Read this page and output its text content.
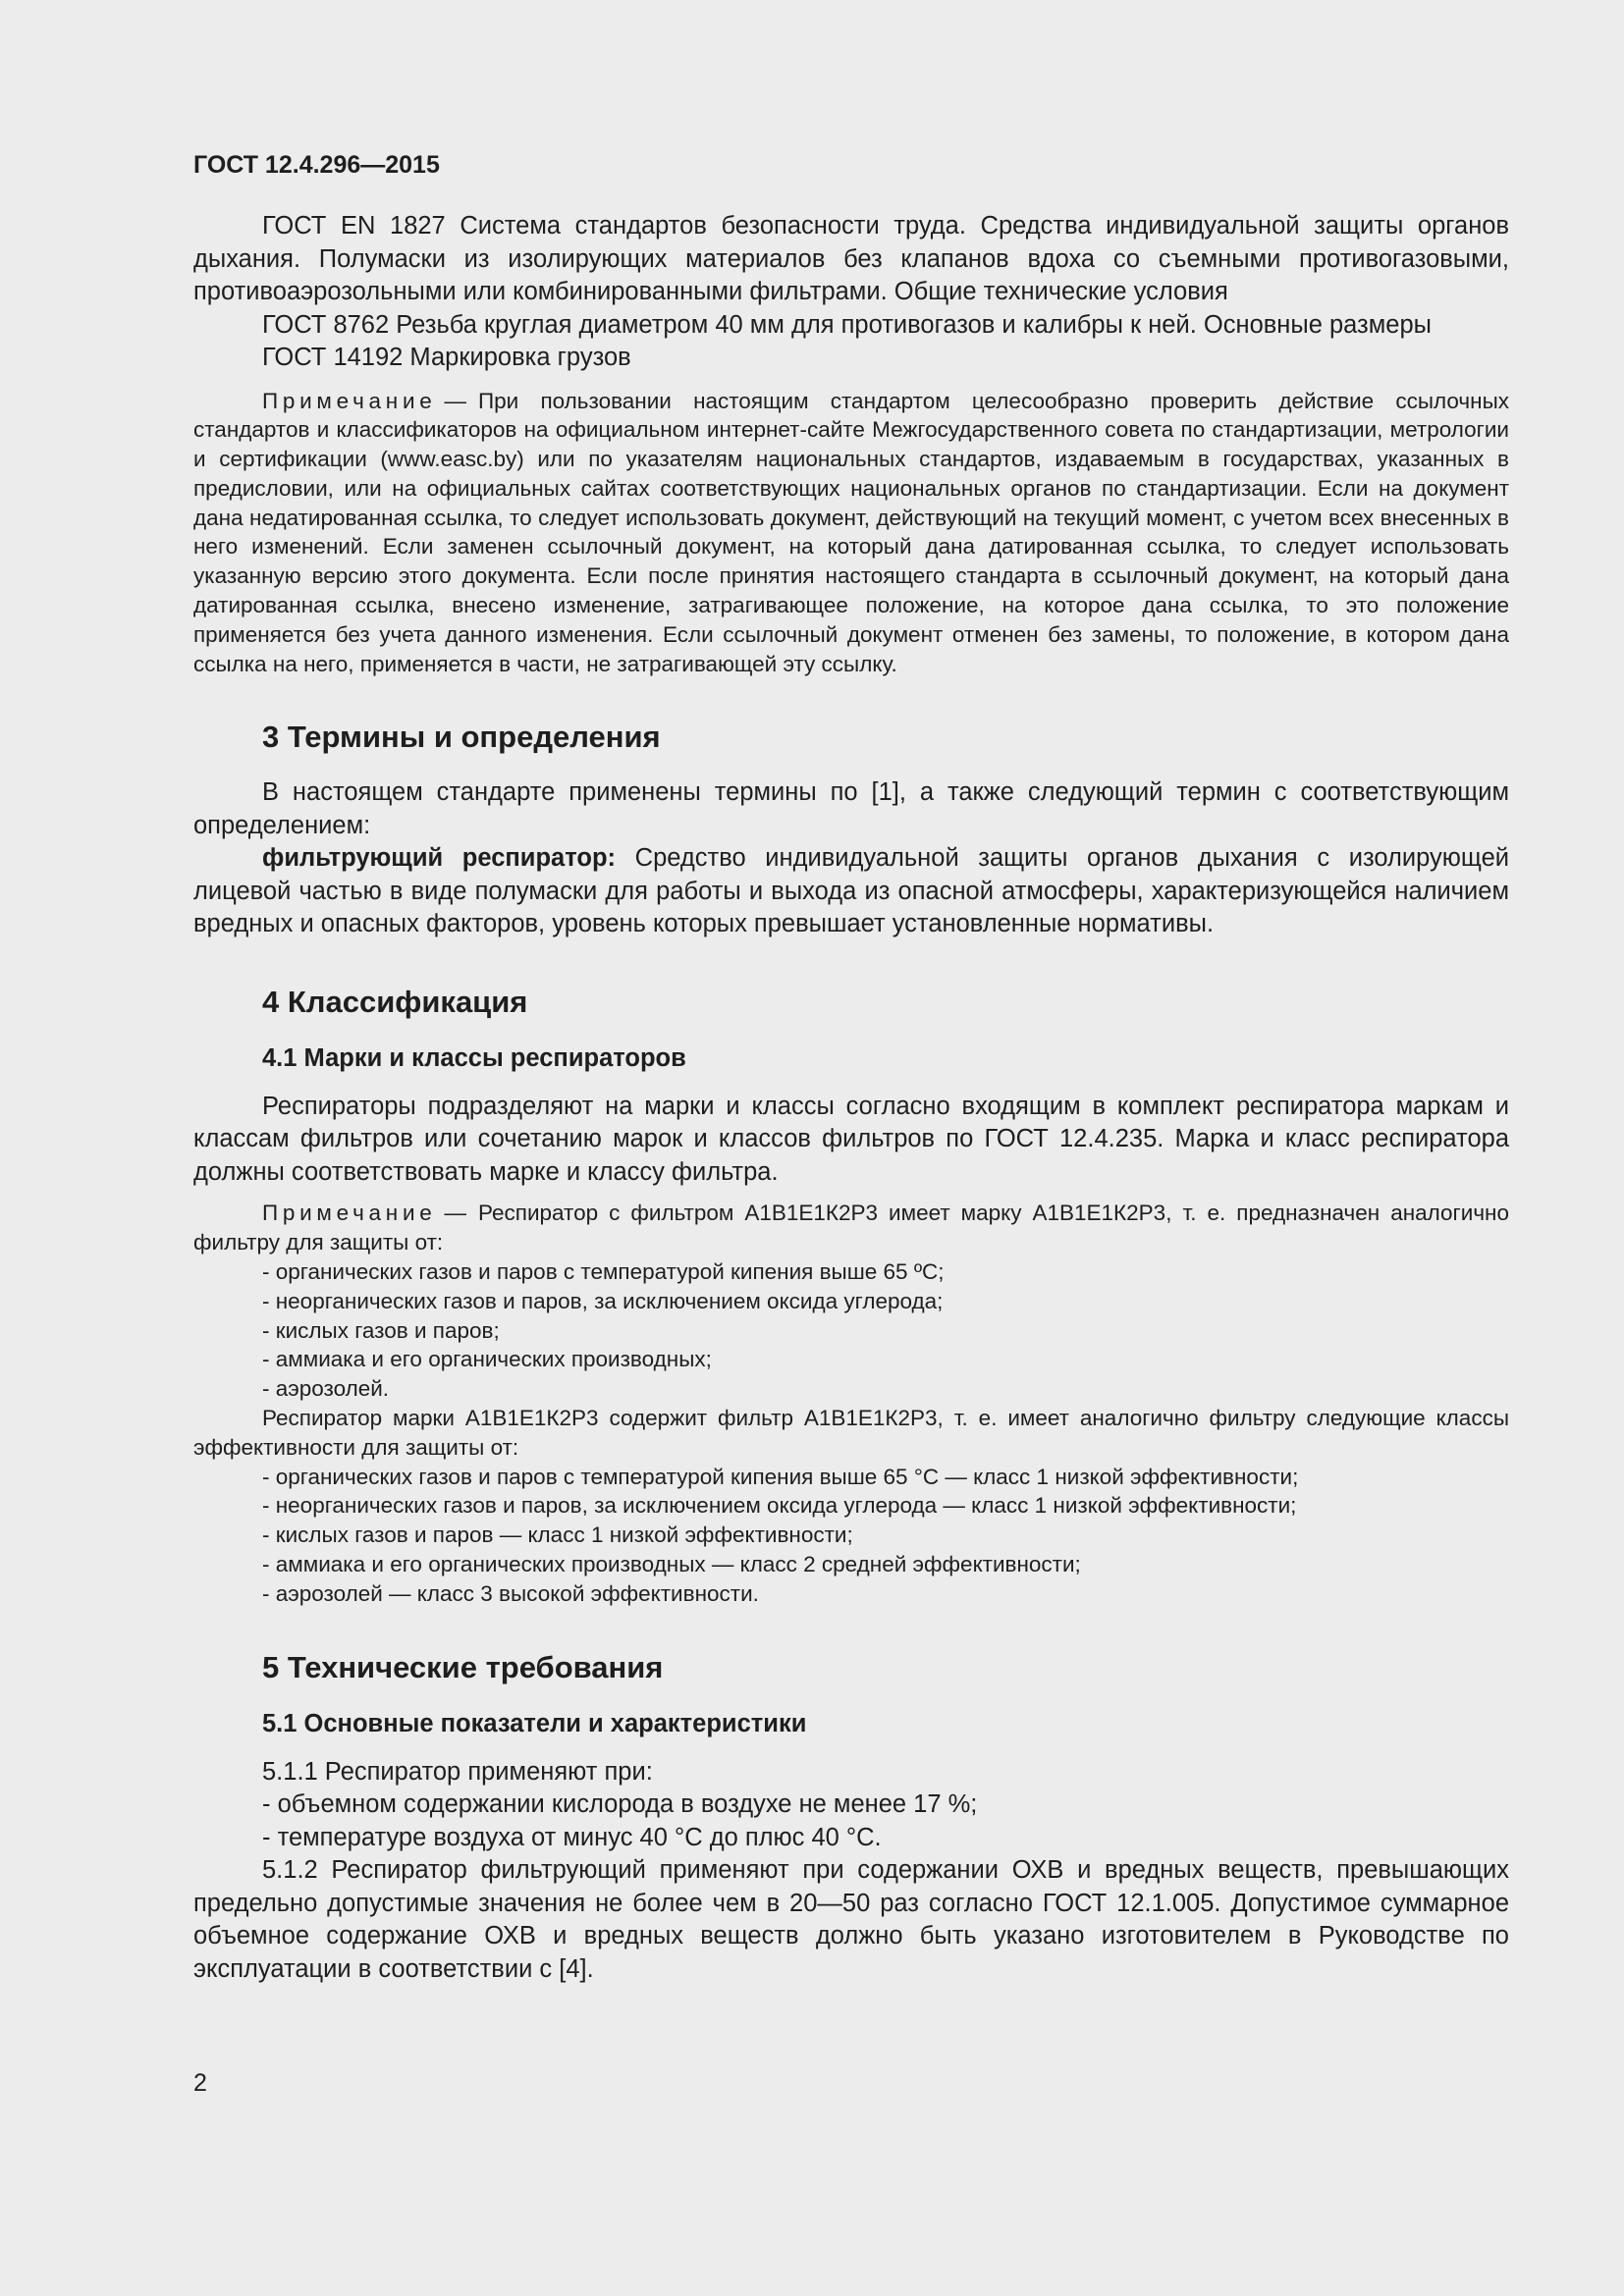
ГОСТ 12.4.296—2015

ГОСТ EN 1827 Система стандартов безопасности труда. Средства индивидуальной защиты органов дыхания. Полумаски из изолирующих материалов без клапанов вдоха со съемными противогазовыми, противоаэрозольными или комбинированными фильтрами. Общие технические условия

ГОСТ 8762 Резьба круглая диаметром 40 мм для противогазов и калибры к ней. Основные размеры

ГОСТ 14192 Маркировка грузов

Примечание — При пользовании настоящим стандартом целесообразно проверить действие ссылочных стандартов и классификаторов на официальном интернет-сайте Межгосударственного совета по стандартизации, метрологии и сертификации (www.easc.by) или по указателям национальных стандартов, издаваемым в государствах, указанных в предисловии, или на официальных сайтах соответствующих национальных органов по стандартизации. Если на документ дана недатированная ссылка, то следует использовать документ, действующий на текущий момент, с учетом всех внесенных в него изменений. Если заменен ссылочный документ, на который дана датированная ссылка, то следует использовать указанную версию этого документа. Если после принятия настоящего стандарта в ссылочный документ, на который дана датированная ссылка, внесено изменение, затрагивающее положение, на которое дана ссылка, то это положение применяется без учета данного изменения. Если ссылочный документ отменен без замены, то положение, в котором дана ссылка на него, применяется в части, не затрагивающей эту ссылку.

3 Термины и определения

В настоящем стандарте применены термины по [1], а также следующий термин с соответствующим определением:

фильтрующий респиратор: Средство индивидуальной защиты органов дыхания с изолирующей лицевой частью в виде полумаски для работы и выхода из опасной атмосферы, характеризующейся наличием вредных и опасных факторов, уровень которых превышает установленные нормативы.

4 Классификация
4.1 Марки и классы респираторов

Респираторы подразделяют на марки и классы согласно входящим в комплект респиратора маркам и классам фильтров или сочетанию марок и классов фильтров по ГОСТ 12.4.235. Марка и класс респиратора должны соответствовать марке и классу фильтра.

Примечание — Респиратор с фильтром А1В1Е1К2Р3 имеет марку А1В1Е1К2Р3, т. е. предназначен аналогично фильтру для защиты от:

- органических газов и паров с температурой кипения выше 65 ºС;
- неорганических газов и паров, за исключением оксида углерода;
- кислых газов и паров;
- аммиака и его органических производных;
- аэрозолей.

Респиратор марки А1В1Е1К2Р3 содержит фильтр А1В1Е1К2Р3, т. е. имеет аналогично фильтру следующие классы эффективности для защиты от:

- органических газов и паров с температурой кипения выше 65 °С — класс 1 низкой эффективности;
- неорганических газов и паров, за исключением оксида углерода — класс 1 низкой эффективности;
- кислых газов и паров — класс 1 низкой эффективности;
- аммиака и его органических производных — класс 2 средней эффективности;
- аэрозолей — класс 3 высокой эффективности.
5 Технические требования
5.1 Основные показатели и характеристики

5.1.1 Респиратор применяют при:

- объемном содержании кислорода в воздухе не менее 17 %;
- температуре воздуха от минус 40 °С до плюс 40 °С.

5.1.2 Респиратор фильтрующий применяют при содержании ОХВ и вредных веществ, превышающих предельно допустимые значения не более чем в 20—50 раз согласно ГОСТ 12.1.005. Допустимое суммарное объемное содержание ОХВ и вредных веществ должно быть указано изготовителем в Руководстве по эксплуатации в соответствии с [4].

2
